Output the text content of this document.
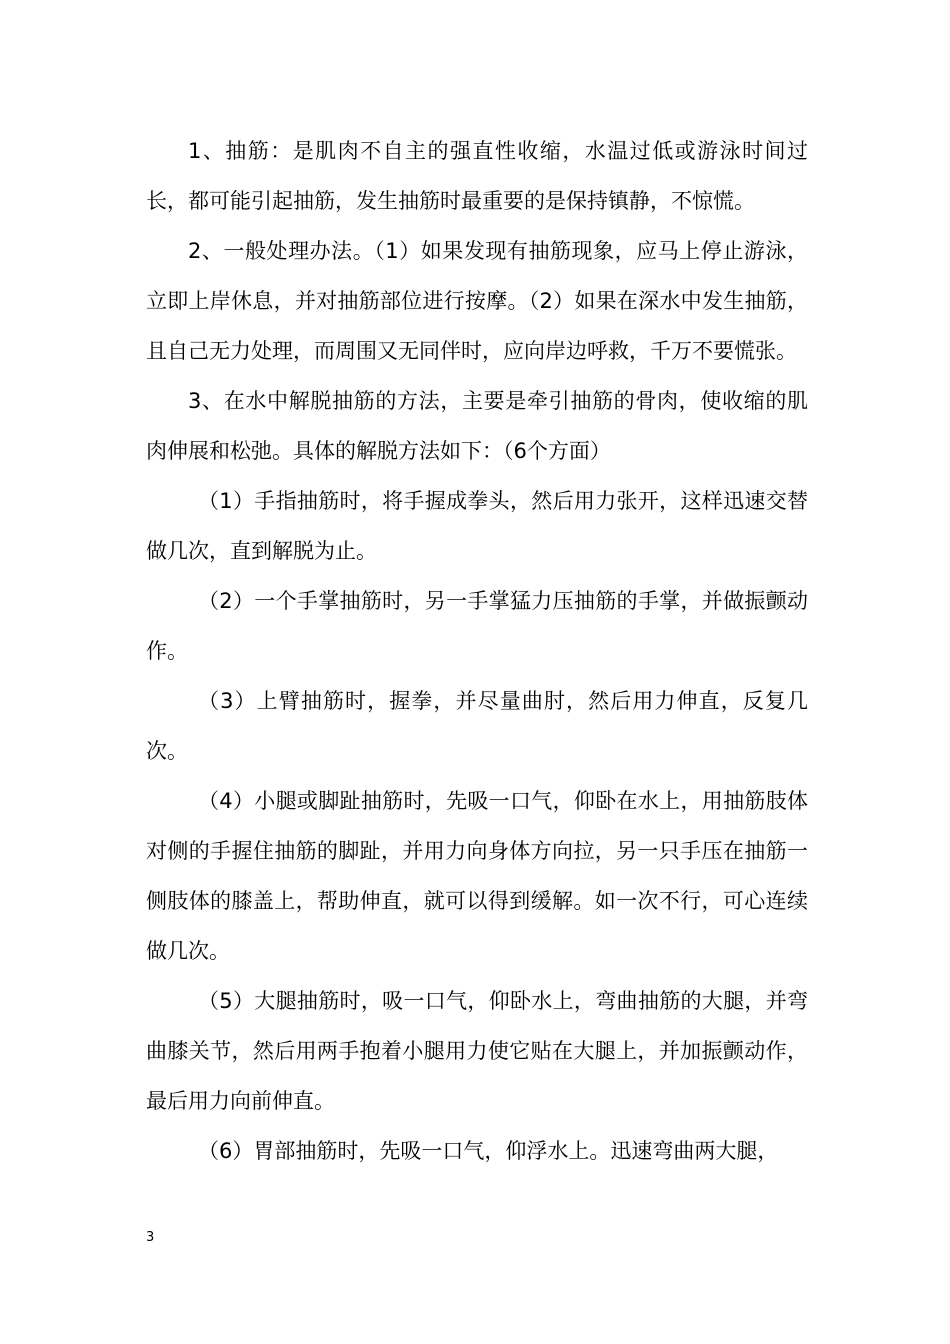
1、抽筋：是肌肉不自主的强直性收缩，水温过低或游泳时间过长，都可能引起抽筋，发生抽筋时最重要的是保持镇静，不惊慌。

2、一般处理办法。（1）如果发现有抽筋现象，应马上停止游泳，立即上岸休息，并对抽筋部位进行按摩。（2）如果在深水中发生抽筋，且自己无力处理，而周围又无同伴时，应向岸边呼救，千万不要慌张。

3、在水中解脱抽筋的方法，主要是牵引抽筋的骨肉，使收缩的肌肉伸展和松弛。具体的解脱方法如下：（6个方面）

（1）手指抽筋时，将手握成拳头，然后用力张开，这样迅速交替做几次，直到解脱为止。

（2）一个手掌抽筋时，另一手掌猛力压抽筋的手掌，并做振颤动作。

（3）上臂抽筋时，握拳，并尽量曲肘，然后用力伸直，反复几次。

（4）小腿或脚趾抽筋时，先吸一口气，仰卧在水上，用抽筋肢体对侧的手握住抽筋的脚趾，并用力向身体方向拉，另一只手压在抽筋一侧肢体的膝盖上，帮助伸直，就可以得到缓解。如一次不行，可心连续做几次。

（5）大腿抽筋时，吸一口气，仰卧水上，弯曲抽筋的大腿，并弯曲膝关节，然后用两手抱着小腿用力使它贴在大腿上，并加振颤动作，最后用力向前伸直。

（6）胃部抽筋时，先吸一口气，仰浮水上。迅速弯曲两大腿，

3
